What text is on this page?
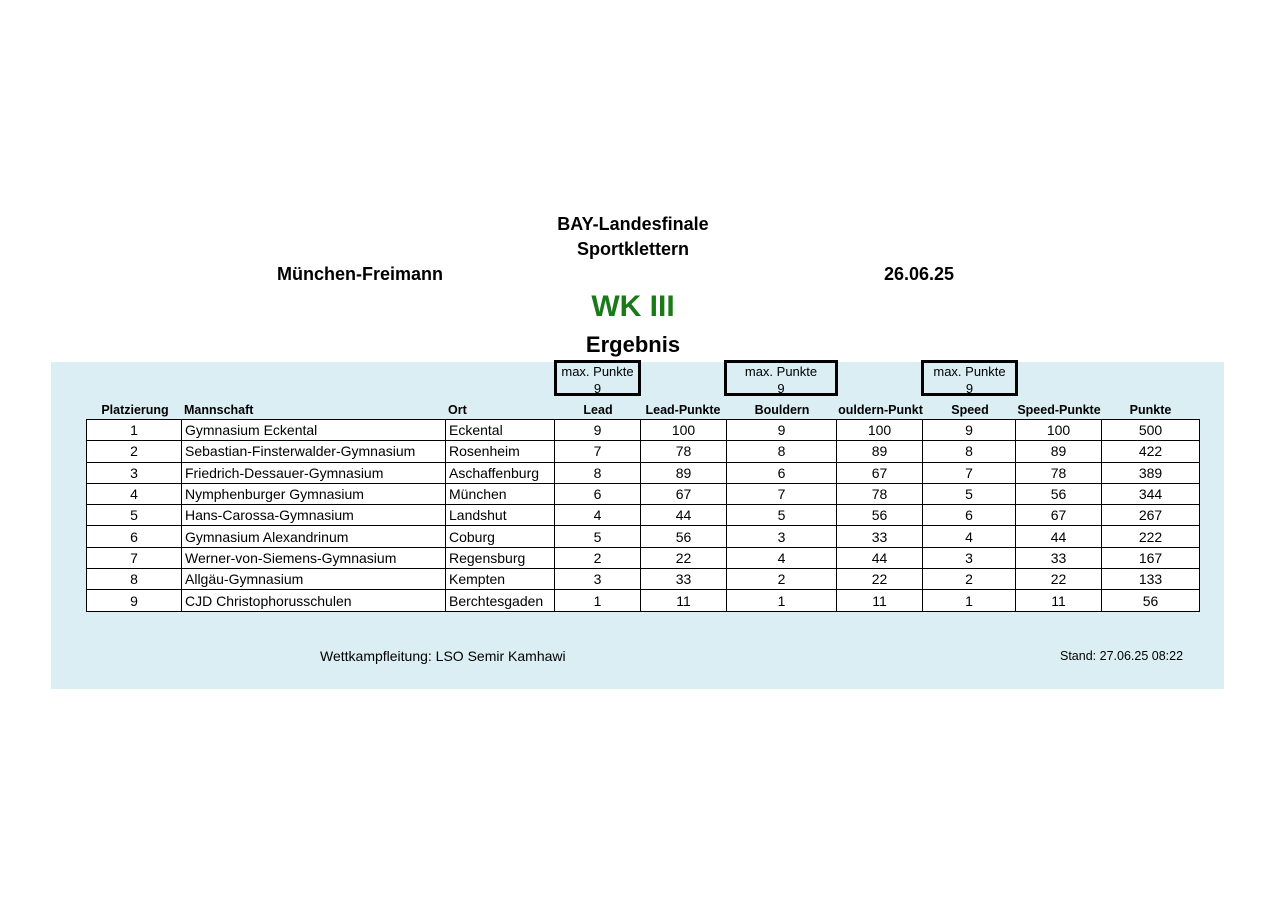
BAY-Landesfinale
Sportklettern
München-Freimann	26.06.25
WK III
Ergebnis
max. Punkte
9
max. Punkte
9
max. Punkte
9
Platzierung	Mannschaft	Ort	Lead	Lead-Punkte	Bouldern	ouldern-Punkt	Speed	Speed-Punkte	Punkte
1	Gymnasium Eckental	Eckental	9	100	9	100	9	100	500
2	Sebastian-Finsterwalder-Gymnasium	Rosenheim	7	78	8	89	8	89	422
3	Friedrich-Dessauer-Gymnasium	Aschaffenburg	8	89	6	67	7	78	389
4	Nymphenburger Gymnasium	München	6	67	7	78	5	56	344
5	Hans-Carossa-Gymnasium	Landshut	4	44	5	56	6	67	267
6	Gymnasium Alexandrinum	Coburg	5	56	3	33	4	44	222
7	Werner-von-Siemens-Gymnasium	Regensburg	2	22	4	44	3	33	167
8	Allgäu-Gymnasium	Kempten	3	33	2	22	2	22	133
9	CJD Christophorusschulen	Berchtesgaden	1	11	1	11	1	11	56
Wettkampfleitung: LSO Semir Kamhawi	Stand: 27.06.25 08:22
